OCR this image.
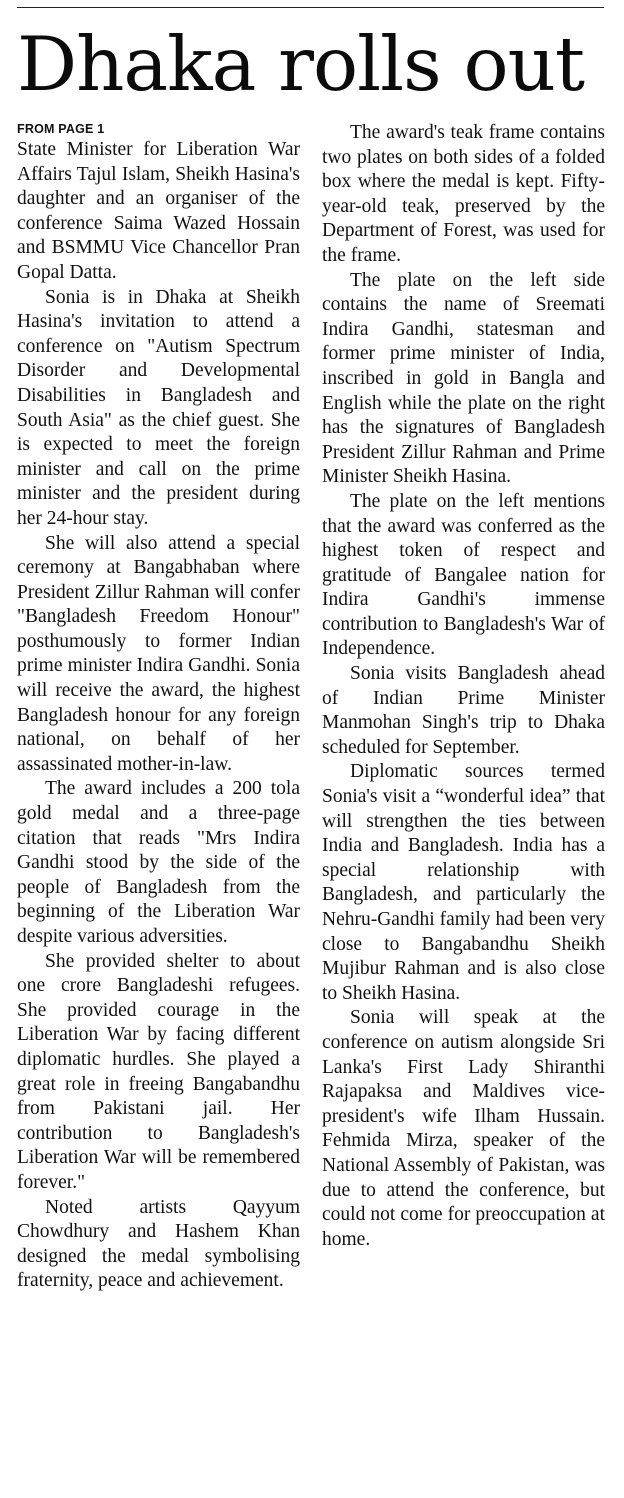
Dhaka rolls out
FROM PAGE 1

State Minister for Liberation War Affairs Tajul Islam, Sheikh Hasina's daughter and an organiser of the conference Saima Wazed Hossain and BSMMU Vice Chancellor Pran Gopal Datta.

Sonia is in Dhaka at Sheikh Hasina's invitation to attend a conference on "Autism Spectrum Disorder and Developmental Disabilities in Bangladesh and South Asia" as the chief guest. She is expected to meet the foreign minister and call on the prime minister and the president during her 24-hour stay.

She will also attend a special ceremony at Bangabhaban where President Zillur Rahman will confer "Bangladesh Freedom Honour" posthumously to former Indian prime minister Indira Gandhi. Sonia will receive the award, the highest Bangladesh honour for any foreign national, on behalf of her assassinated mother-in-law.

The award includes a 200 tola gold medal and a three-page citation that reads "Mrs Indira Gandhi stood by the side of the people of Bangladesh from the beginning of the Liberation War despite various adversities.

She provided shelter to about one crore Bangladeshi refugees. She provided courage in the Liberation War by facing different diplomatic hurdles. She played a great role in freeing Bangabandhu from Pakistani jail. Her contribution to Bangladesh's Liberation War will be remembered forever."

Noted artists Qayyum Chowdhury and Hashem Khan designed the medal symbolising fraternity, peace and achievement.

The award's teak frame contains two plates on both sides of a folded box where the medal is kept. Fifty-year-old teak, preserved by the Department of Forest, was used for the frame.

The plate on the left side contains the name of Sreemati Indira Gandhi, statesman and former prime minister of India, inscribed in gold in Bangla and English while the plate on the right has the signatures of Bangladesh President Zillur Rahman and Prime Minister Sheikh Hasina.

The plate on the left mentions that the award was conferred as the highest token of respect and gratitude of Bangalee nation for Indira Gandhi's immense contribution to Bangladesh's War of Independence.

Sonia visits Bangladesh ahead of Indian Prime Minister Manmohan Singh's trip to Dhaka scheduled for September.

Diplomatic sources termed Sonia's visit a “wonderful idea” that will strengthen the ties between India and Bangladesh. India has a special relationship with Bangladesh, and particularly the Nehru-Gandhi family had been very close to Bangabandhu Sheikh Mujibur Rahman and is also close to Sheikh Hasina.

Sonia will speak at the conference on autism alongside Sri Lanka's First Lady Shiranthi Rajapaksa and Maldives vice-president's wife Ilham Hussain. Fehmida Mirza, speaker of the National Assembly of Pakistan, was due to attend the conference, but could not come for preoccupation at home.
